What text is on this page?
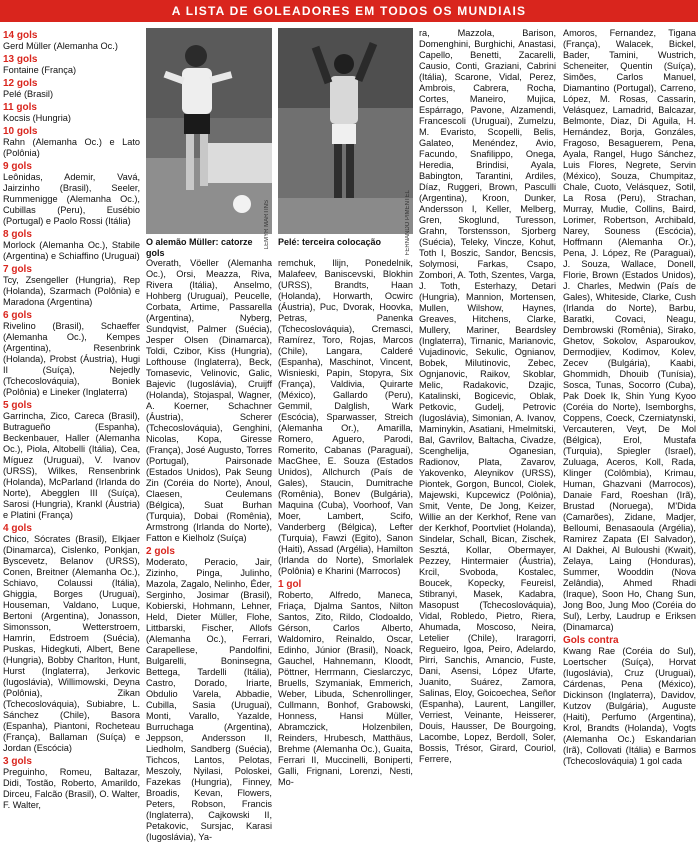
A LISTA DE GOLEADORES EM TODOS OS MUNDIAIS

14 gols

Gerd Müller (Alemanha Oc.)

13 gols

Fontaine (França)

12 gols

Pelé (Brasil)

11 gols

Kocsis (Hungria)

10 gols

Rahn (Alemanha Oc.) e Lato (Polônia)

9 gols

Leônidas, Ademir, Vavá, Jairzinho (Brasil), Seeler, Rummenigge (Alemanha Oc.), Cubillas (Peru), Eusébio (Portugal) e Paolo Rossi (Itália)

8 gols

Morlock (Alemanha Oc.), Stabile (Argentina) e Schiaffino (Uruguai)

7 gols

Tcy, Zsengeller (Hungria), Rep (Holanda), Szarmach (Polônia) e Maradona (Argentina)

6 gols

Rivelino (Brasil), Schaeffer (Alemanha Oc.), Kempes (Argentina), Resenbrink (Holanda), Probst (Áustria), Hugi II (Suíça), Nejedly (Tchecoslováquia), Boniek (Polônia) e Lineker (Inglaterra)

5 gols

Garrincha, Zico, Careca (Brasil), Butragueño (Espanha), Beckenbauer, Haller (Alemanha Oc.), Piola, Altobelli (Itália), Cea, Míguez (Uruguai), V. Ivanov (URSS), Wilkes, Rensenbrink (Holanda), McParland (Irlanda do Norte), Abegglen III (Suíça), Sarosi (Hungria), Krankl (Áustria) e Platini (França)

4 gols

Chico, Sócrates (Brasil), Elkjaer (Dinamarca), Cislenko, Ponkjan, Byscevetz, Belanov (URSS), Conen, Breitner (Alemanha Oc.), Schiavo, Colaussi (Itália), Ghiggia, Borges (Uruguai), Houseman, Valdano, Luque, Bertoni (Argentina), Jonasson, Simonsson, Wetterstroem, Hamrin, Edstroem (Suécia), Puskas, Hidegkuti, Albert, Bene (Hungria), Bobby Charlton, Hunt, Hurst (Inglaterra), Jerkovic (Iugoslávia), Willimowski, Deyna (Polônia), Zikan (Tchecoslováquia), Subiabre, L. Sánchez (Chile), Basora (Espanha), Piantoni, Rocheteau (França), Ballaman (Suíça) e Jordan (Escócia)

3 gols

Preguinho, Romeu, Baltazar, Didi, Tostão, Roberto, Amarildo, Dirceu, Falcão (Brasil), O. Walter, F. Walter,

LEMYR MARTINS
O alemão Müller: catorze gols	FERNANDO PIMENTEL
Pelé: terceira colocação

Overath, Vöeller (Alemanha Oc.), Orsi, Meazza, Riva, Rivera (Itália), Anselmo, Hohberg (Uruguai), Peucelle, Corbata, Artime, Passarella (Argentina), Nyberg, Sundqvist, Palmer (Suécia), Jesper Olsen (Dinamarca), Toldi, Czibor, Kiss (Hungria), Lofthouse (Inglaterra), Beck, Tomasevic, Velinovic, Galic, Bajevic (Iugoslávia), Cruijff (Holanda), Stojaspal, Wagner, A. Koerner, Schachner (Áustria), Scherer (Tchecoslováquia), Genghini, Nicolas, Kopa, Giresse (França), José Augusto, Torres (Portugal), Pairsonade (Estados Unidos), Pak Seung Zin (Coréia do Norte), Anoul, Claesen, Ceulemans (Bélgica), Suat Burhan (Turquia), Dobai (Romênia), Armstrong (Irlanda do Norte), Fatton e Kielholz (Suíça)

2 gols

Moderato, Peracio, Jair, Zizinho, Pinga, Julinho, Mazola, Zagalo, Nelinho, Éder, Serginho, Josimar (Brasil), Kobierski, Hohmann, Lehner, Held, Dieter Müller, Flohe, Littbarski, Fischer, Allofs (Alemanha Oc.), Ferrari, Carapellese, Pandolfini, Bulgarelli, Boninsegna, Bettega, Tardelli (Itália), Castro, Dorado, Iriarte, Obdulio Varela, Abbadie, Cubilla, Sasia (Uruguai), Monti, Varallo, Yazalde, Burruchaga (Argentina), Jeppson, Andersson II, Liedholm, Sandberg (Suécia), Tichcos, Lantos, Pelotas, Meszoly, Nyilasi, Poloskei, Fazekas (Hungria), Finney, Broadis, Kevan, Flowers, Peters, Robson, Francis (Inglaterra), Cajkowski II, Petakovic, Sursjac, Karasi (Iugoslávia), Ya-

remchuk, Ilijn, Ponedelnik, Malafeev, Baniscevski, Blokhin (URSS), Brandts, Haan (Holanda), Horwarth, Ocwirc (Áustria), Puc, Dvorak, Hoovka, Petras, Panenka (Tchecoslováquia), Cremasci, Ramírez, Toro, Rojas, Marcos (Chile), Langara, Calderé (Espanha), Maschinot, Vincent, Wisnieski, Papin, Stopyra, Six (França), Valdivia, Quirarte (México), Gallardo (Peru), Gemmil, Dalglish, Wark (Escócia), Sparwasser, Streich (Alemanha Or.), Amarilla, Romero, Aguero, Parodi, Romerito, Cabanas (Paraguai), MacGhee, E. Souza (Estados Unidos), Allchurch (País de Gales), Staucin, Dumitrache (Romênia), Bonev (Bulgária), Maquina (Cuba), Voorhoof, Van Moer, Lambert, Scifo, Vanderberg (Bélgica), Lefter (Turquia), Fawzi (Egito), Sanon (Haiti), Assad (Argélia), Hamilton (Irlanda do Norte), Smorlalek (Polônia) e Kharini (Marrocos)

1 gol

Roberto, Alfredo, Maneca, Friaça, Djalma Santos, Nilton Santos, Zito, Rildo, Clodoaldo, Gérson, Carlos Alberto, Waldomiro, Reinaldo, Oscar, Edinho, Júnior (Brasil), Noack, Gauchel, Hahnemann, Kloodt, Pöttner, Herrmann, Cieslarczyc, Bruells, Szymaniak, Emmerich, Weber, Libuda, Schenrollinger, Cullmann, Bonhof, Grabowski, Honness, Hansi Müller, Abramczick, Holzenbilen, Reinders, Hrubesch, Matthäus, Brehme (Alemanha Oc.), Guaita, Ferrari II, Muccinelli, Boniperti, Galli, Frignani, Lorenzi, Nesti, Mo-

ra, Mazzola, Barison, Domenghini, Burghichi, Anastasi, Capello, Benetti, Zacarelli, Causio, Conti, Graziani, Cabrini (Itália), Scarone, Vidal, Perez, Ambrois, Cabrera, Rocha, Cortes, Maneiro, Mujica, Espárrago, Pavone, Alzamendi, Francescoli (Uruguai), Zumelzu, M. Evaristo, Scopelli, Belis, Galateo, Menéndez, Avio, Facundo, Snafilippo, Onega, Heredia, Brindisi, Ayala, Babington, Tarantini, Ardiles, Díaz, Ruggeri, Brown, Pasculli (Argentina), Kroon, Dunker, Andersson I, Keller, Melberg, Gren, Skoglund, Turesson, Grahn, Torstensson, Sjorberg (Suécia), Teleky, Vincze, Kohut, Toth I, Boszic, Sandor, Bencsis, Solymosi, Farkas, Csapo, Zombori, A. Toth, Szentes, Varga, J. Toth, Esterhazy, Detari (Hungria), Mannion, Mortensen, Mullen, Wilshow, Haynes, Greaves, Hitchens, Clarke, Mullery, Mariner, Beardsley (Inglaterra), Tirnanic, Marianovic, Vujadinovic, Sekulic, Ognianov, Bobek, Milutinovic, Zebec, Ognjanovic, Raikov, Skoblar, Melic, Radakovic, Dzajic, Katalinski, Bogicevic, Oblak, Petkovic, Gudelj, Petrovic (Iugoslávia), Simonian, A. Ivanov, Maminykin, Asatiani, Hmelmitski, Bal, Gavrilov, Baltacha, Civadze, Scenghelija, Oganesian, Radionov, Plata, Zavarov, Yakovenko, Aleynikov (URSS), Piontek, Gorgon, Buncol, Ciolek, Majewski, Kupcewicz (Polônia), Smit, Vente, De Jong, Keizer, Willie an der Kerkhof, Rene van der Kerkhof, Poortvliet (Holanda), Sindelar, Schall, Bican, Zischek, Sesztá, Kollar, Obermayer, Pezzey, Hintermaier (Áustria), Krcil, Svoboda, Kostalec, Boucek, Kopecky, Feureisl, Stibranyi, Masek, Kadabra, Masopust (Tchecoslováquia), Vidal, Robledo, Pietro, Riera, Ahumada, Moscoso, Neira, Letelier (Chile), Iraragorri, Regueiro, Igoa, Peiro, Adelardo, Pirri, Sanchis, Amancio, Fuste, Dani, Asensi, López Ufarte, Juanito, Suárez, Zamora, Salinas, Eloy, Goicoechea, Señor (Espanha), Laurent, Langiller, Verriest, Veinante, Heisserer, Douis, Hausser, De Bourgoing, Lacombe, Lopez, Berdoll, Soler, Bossis, Trésor, Girard, Couriol, Ferrere,

Amoros, Fernandez, Tigana (França), Walacek, Bickel, Bader, Tamini, Wustrich, Scheneiter, Quentin (Suíça), Simões, Carlos Manuel, Diamantino (Portugal), Carreno, López, M. Rosas, Cassarin, Velásquez, Lamadrid, Balcazar, Belmonte, Diaz, Di Aguila, H. Hernández, Borja, Gonzáles, Fragoso, Besaguerem, Pena, Ayala, Rangel, Hugo Sánchez, Luis Flores, Negrete, Servin (México), Souza, Chumpitaz, Chale, Cuoto, Velásquez, Sotil, La Rosa (Peru), Strachan, Murray, Mudie, Collins, Baird, Lorimer, Robertson, Archibald, Narey, Souness (Escócia), Hoffmann (Alemanha Or.), Pena, J. López, Re (Paraguai), J. Souza, Wallace, Donell, Florie, Brown (Estados Unidos), J. Charles, Medwin (País de Gales), Whiteside, Clarke, Cush (Irlanda do Norte), Barbu, Baratki, Covaci, Neagu, Dembrowski (Romênia), Sirako, Ghetov, Sokolov, Asparoukov, Dermodjiev, Kodimov, Kolev, Zecev (Bulgária), Kaabi, Ghommidh, Dhouib (Tunísia), Sosca, Tunas, Socorro (Cuba), Pak Doek Ik, Shin Yung Kyoo (Coréia do Norte), Isemborghs, Coppens, Coeck, Czerniatynski, Vercauteren, Veyt, De Mol (Bélgica), Erol, Mustafa (Turquia), Spiegler (Israel), Zuluaga, Aceros, Koll, Rada, Klinger (Colômbia), Krimau, Human, Ghazvani (Marrocos), Danaie Fard, Roeshan (Irã), Brustad (Noruega), M'Dida (Camarões), Zidane, Madjer, Belloumi, Benasaoula (Argélia), Ramirez Zapata (El Salvador), Al Dakhei, Al Buloushi (Kwait), Zelaya, Laing (Honduras), Summer, Wooddin (Nova Zelândia), Ahmed Rhadi (Iraque), Soon Ho, Chang Sun, Jong Boo, Jung Moo (Coréia do Sul), Lerby, Laudrup e Eriksen (Dinamarca)

Gols contra

Kwang Rae (Coréia do Sul), Loertscher (Suíça), Horvat (Iugoslávia), Cruz (Uruguai), Cárdenas, Pena (México), Dickinson (Inglaterra), Davidov, Kutzov (Bulgária), Auguste (Haiti), Perfumo (Argentina), Krol, Brandts (Holanda), Vogts (Alemanha Oc.) Eskandarian (Irã), Collovati (Itália) e Barmos (Tchecoslováquia) 1 gol cada
